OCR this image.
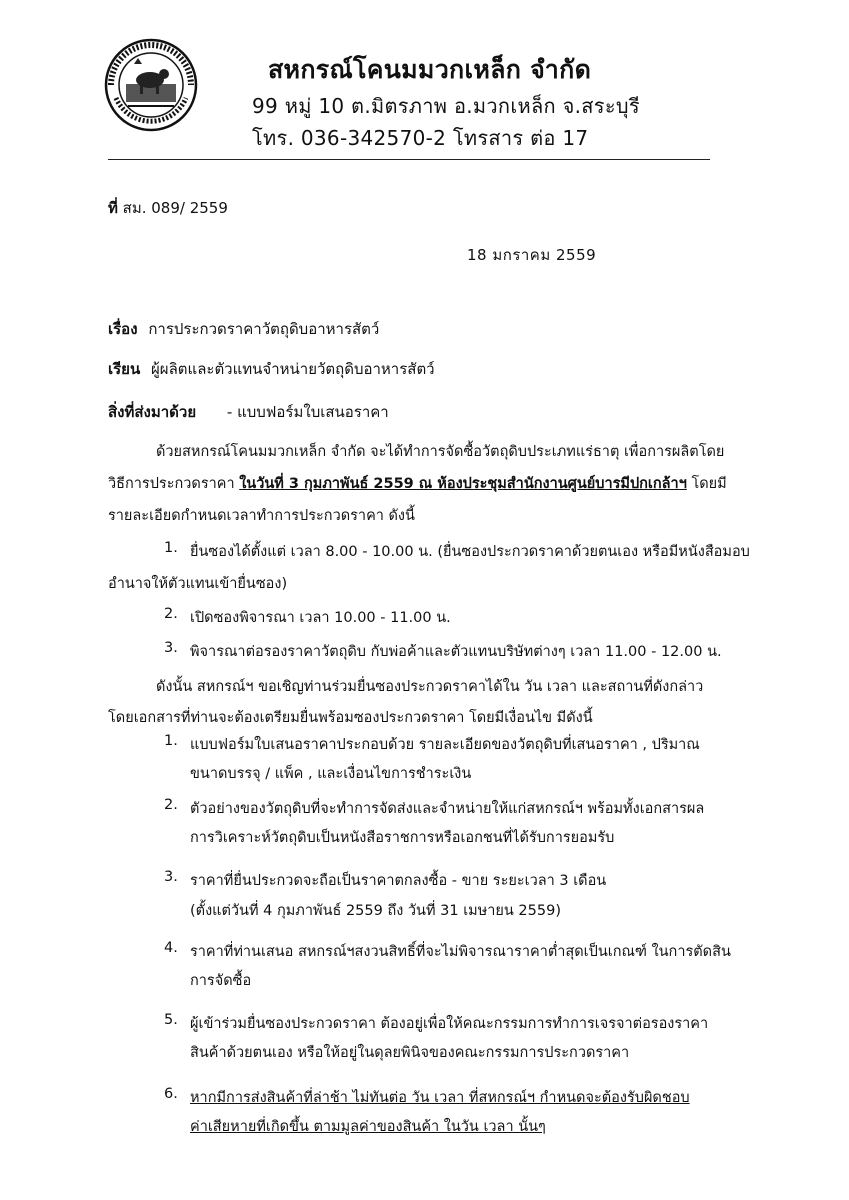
สหกรณ์โคนมมวกเหล็ก จำกัด
99 หมู่ 10 ต.มิตรภาพ อ.มวกเหล็ก จ.สระบุรี
โทร. 036-342570-2 โทรสาร ต่อ 17
ที่ สม. 089/ 2559
18 มกราคม 2559
เรื่อง การประกวดราคาวัตถุดิบอาหารสัตว์
เรียน ผู้ผลิตและตัวแทนจำหน่ายวัตถุดิบอาหารสัตว์
สิ่งที่ส่งมาด้วย - แบบฟอร์มใบเสนอราคา
ด้วยสหกรณ์โคนมมวกเหล็ก จำกัด จะได้ทำการจัดซื้อวัตถุดิบประเภทแร่ธาตุ เพื่อการผลิตโดย
วิธีการประกวดราคา ในวันที่ 3 กุมภาพันธ์ 2559 ณ ห้องประชุมสำนักงานศูนย์บารมีปกเกล้าฯ โดยมี
รายละเอียดกำหนดเวลาทำการประกวดราคา ดังนี้
1. ยื่นซองได้ตั้งแต่ เวลา 8.00 - 10.00 น. (ยื่นซองประกวดราคาด้วยตนเอง หรือมีหนังสือมอบ
อำนาจให้ตัวแทนเข้ายื่นซอง)
2. เปิดซองพิจารณา เวลา 10.00 - 11.00 น.
3. พิจารณาต่อรองราคาวัตถุดิบ กับพ่อค้าและตัวแทนบริษัทต่างๆ เวลา 11.00 - 12.00 น.
ดังนั้น สหกรณ์ฯ ขอเชิญท่านร่วมยื่นซองประกวดราคาได้ใน วัน เวลา และสถานที่ดังกล่าว
โดยเอกสารที่ท่านจะต้องเตรียมยื่นพร้อมซองประกวดราคา โดยมีเงื่อนไข มีดังนี้
1. แบบฟอร์มใบเสนอราคาประกอบด้วย รายละเอียดของวัตถุดิบที่เสนอราคา , ปริมาณ
ขนาดบรรจุ / แพ็ค , และเงื่อนไขการชำระเงิน
2. ตัวอย่างของวัตถุดิบที่จะทำการจัดส่งและจำหน่ายให้แก่สหกรณ์ฯ พร้อมทั้งเอกสารผล
การวิเคราะห์วัตถุดิบเป็นหนังสือราชการหรือเอกชนที่ได้รับการยอมรับ
3. ราคาที่ยื่นประกวดจะถือเป็นราคาตกลงซื้อ - ขาย ระยะเวลา 3 เดือน
(ตั้งแต่วันที่ 4 กุมภาพันธ์ 2559 ถึง วันที่ 31 เมษายน 2559)
4. ราคาที่ท่านเสนอ สหกรณ์ฯสงวนสิทธิ์ที่จะไม่พิจารณาราคาต่ำสุดเป็นเกณฑ์ ในการตัดสิน
การจัดซื้อ
5. ผู้เข้าร่วมยื่นซองประกวดราคา ต้องอยู่เพื่อให้คณะกรรมการทำการเจรจาต่อรองราคา
สินค้าด้วยตนเอง หรือให้อยู่ในดุลยพินิจของคณะกรรมการประกวดราคา
6. หากมีการส่งสินค้าที่ล่าช้า ไม่ทันต่อ วัน เวลา ที่สหกรณ์ฯ กำหนดจะต้องรับผิดชอบ
ค่าเสียหายที่เกิดขึ้น ตามมูลค่าของสินค้า ในวัน เวลา นั้นๆ
